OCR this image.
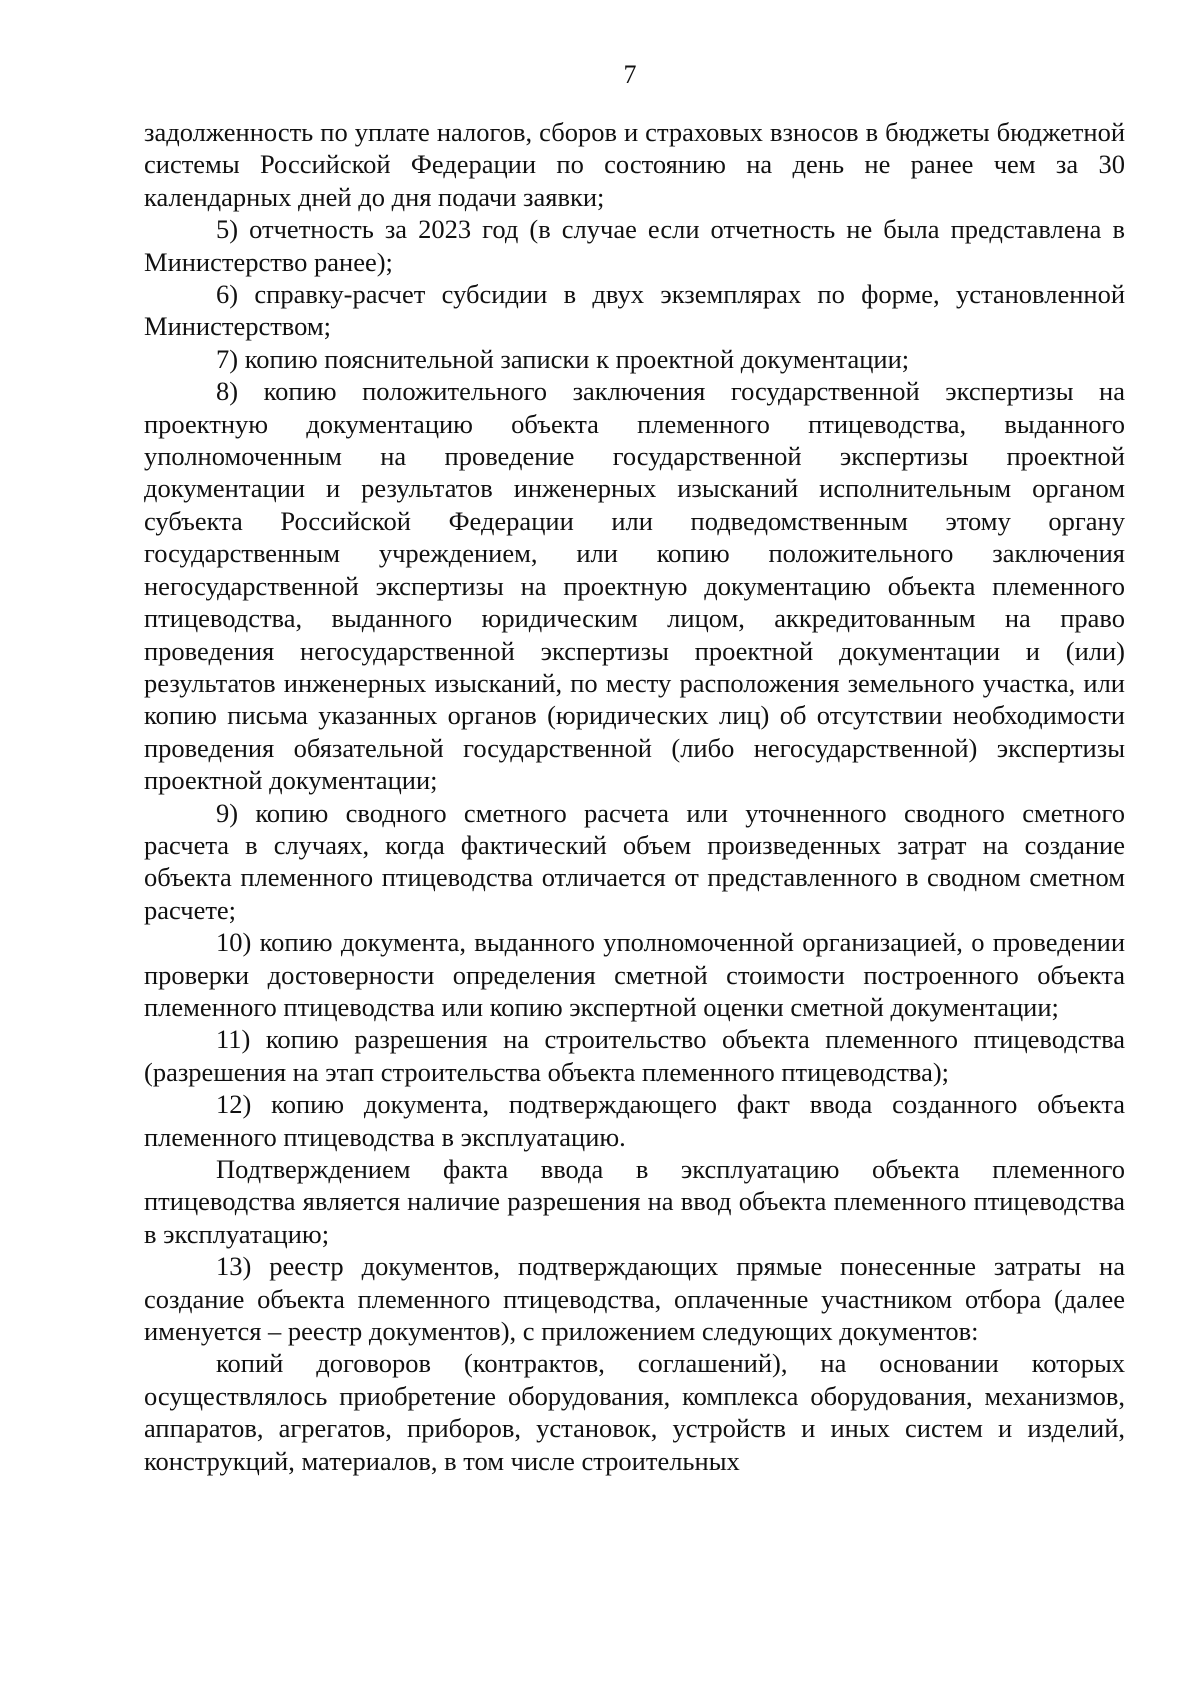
7

задолженность по уплате налогов, сборов и страховых взносов в бюджеты бюджетной системы Российской Федерации по состоянию на день не ранее чем за 30 календарных дней до дня подачи заявки;

5) отчетность за 2023 год (в случае если отчетность не была представлена в Министерство ранее);

6) справку-расчет субсидии в двух экземплярах по форме, установленной Министерством;

7) копию пояснительной записки к проектной документации;

8) копию положительного заключения государственной экспертизы на проектную документацию объекта племенного птицеводства, выданного уполномоченным на проведение государственной экспертизы проектной документации и результатов инженерных изысканий исполнительным органом субъекта Российской Федерации или подведомственным этому органу государственным учреждением, или копию положительного заключения негосударственной экспертизы на проектную документацию объекта племенного птицеводства, выданного юридическим лицом, аккредитованным на право проведения негосударственной экспертизы проектной документации и (или) результатов инженерных изысканий, по месту расположения земельного участка, или копию письма указанных органов (юридических лиц) об отсутствии необходимости проведения обязательной государственной (либо негосударственной) экспертизы проектной документации;

9) копию сводного сметного расчета или уточненного сводного сметного расчета в случаях, когда фактический объем произведенных затрат на создание объекта племенного птицеводства отличается от представленного в сводном сметном расчете;

10) копию документа, выданного уполномоченной организацией, о проведении проверки достоверности определения сметной стоимости построенного объекта племенного птицеводства или копию экспертной оценки сметной документации;

11) копию разрешения на строительство объекта племенного птицеводства (разрешения на этап строительства объекта племенного птицеводства);

12) копию документа, подтверждающего факт ввода созданного объекта племенного птицеводства в эксплуатацию.

Подтверждением факта ввода в эксплуатацию объекта племенного птицеводства является наличие разрешения на ввод объекта племенного птицеводства в эксплуатацию;

13) реестр документов, подтверждающих прямые понесенные затраты на создание объекта племенного птицеводства, оплаченные участником отбора (далее именуется – реестр документов), с приложением следующих документов:

копий договоров (контрактов, соглашений), на основании которых осуществлялось приобретение оборудования, комплекса оборудования, механизмов, аппаратов, агрегатов, приборов, установок, устройств и иных систем и изделий, конструкций, материалов, в том числе строительных
